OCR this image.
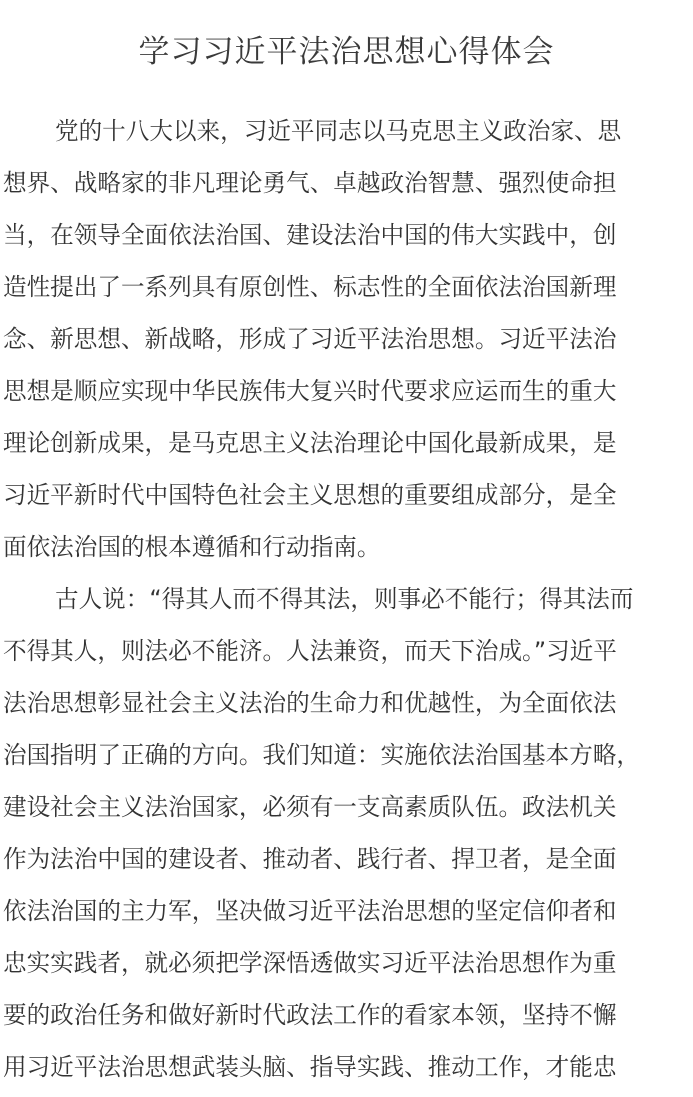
学习习近平法治思想心得体会

党的十八大以来，习近平同志以马克思主义政治家、思
想界、战略家的非凡理论勇气、卓越政治智慧、强烈使命担
当，在领导全面依法治国、建设法治中国的伟大实践中，创
造性提出了一系列具有原创性、标志性的全面依法治国新理
念、新思想、新战略，形成了习近平法治思想。习近平法治
思想是顺应实现中华民族伟大复兴时代要求应运而生的重大
理论创新成果，是马克思主义法治理论中国化最新成果，是
习近平新时代中国特色社会主义思想的重要组成部分，是全
面依法治国的根本遵循和行动指南。

古人说：“得其人而不得其法，则事必不能行；得其法而
不得其人，则法必不能济。人法兼资，而天下治成。”习近平
法治思想彰显社会主义法治的生命力和优越性，为全面依法
治国指明了正确的方向。我们知道：实施依法治国基本方略，
建设社会主义法治国家，必须有一支高素质队伍。政法机关
作为法治中国的建设者、推动者、践行者、捍卫者，是全面
依法治国的主力军，坚决做习近平法治思想的坚定信仰者和
忠实实践者，就必须把学深悟透做实习近平法治思想作为重
要的政治任务和做好新时代政法工作的看家本领，坚持不懈
用习近平法治思想武装头脑、指导实践、推动工作，才能忠
